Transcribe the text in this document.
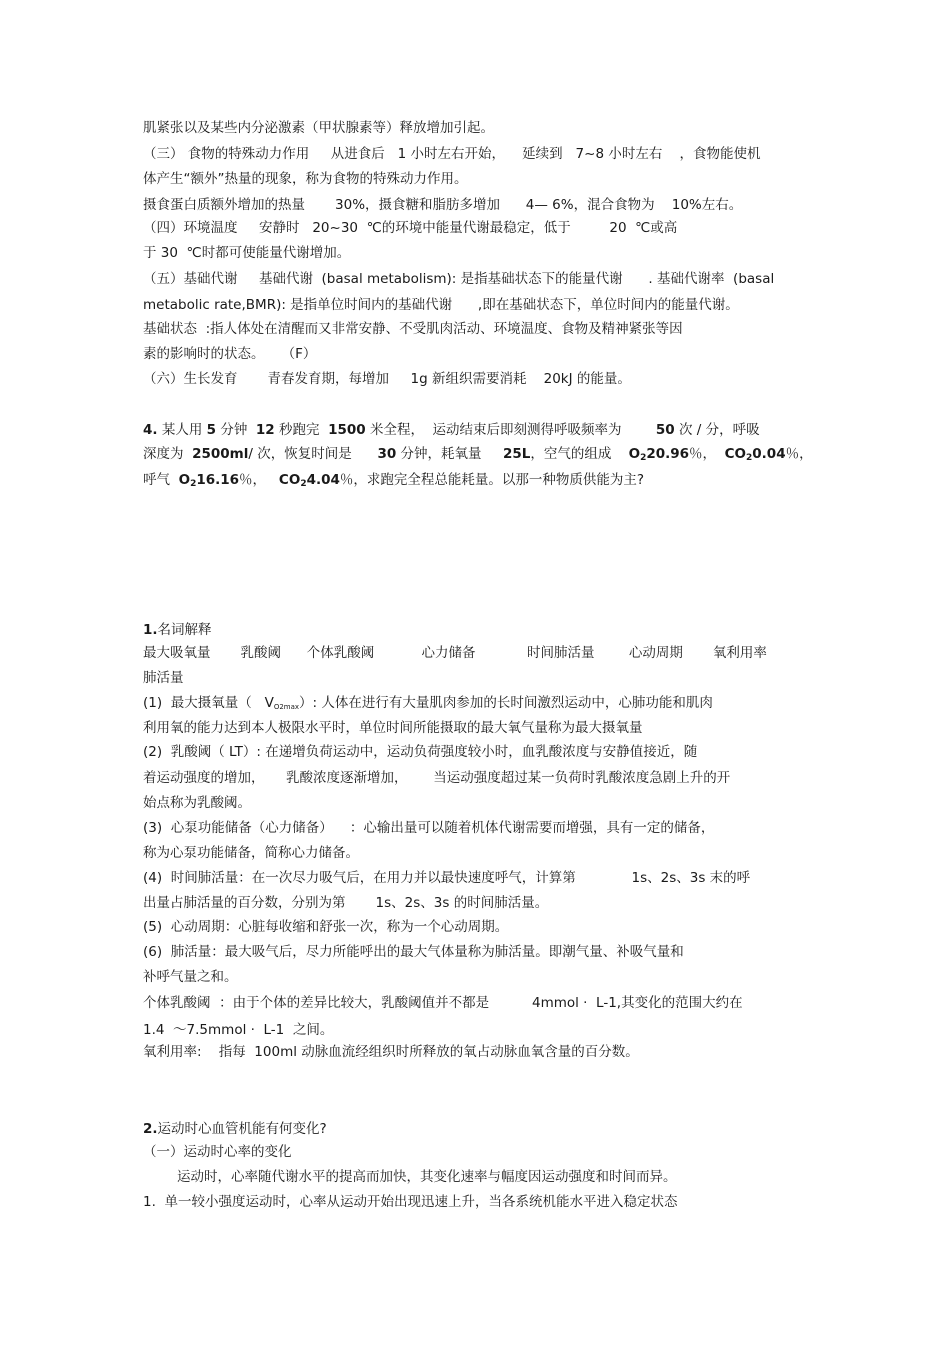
肌紧张以及某些内分泌激素（甲状腺素等）释放增加引起。
（三） 食物的特殊动力作用     从进食后   1 小时左右开始，    延续到   7~8 小时左右    ，食物能使机
体产生“额外”热量的现象，称为食物的特殊动力作用。
摄食蛋白质额外增加的热量       30%，摄食糖和脂肪多增加      4— 6%，混合食物为    10%左右。
（四）环境温度     安静时   20~30  ℃的环境中能量代谢最稳定，低于         20  ℃或高
于 30  ℃时都可使能量代谢增加。
（五）基础代谢     基础代谢  (basal metabolism): 是指基础状态下的能量代谢      . 基础代谢率  (basal
metabolic rate,BMR): 是指单位时间内的基础代谢      ,即在基础状态下，单位时间内的能量代谢。
基础状态  :指人体处在清醒而又非常安静、不受肌肉活动、环境温度、食物及精神紧张等因
素的影响时的状态。    （F）
（六）生长发育       青春发育期，每增加     1g 新组织需要消耗    20kJ 的能量。
4. 某人用 5 分钟  12 秒跑完  1500 米全程，  运动结束后即刻测得呼吸频率为        50 次 / 分，呼吸
深度为  2500ml/ 次，恢复时间是      30 分钟，耗氧量     25L，空气的组成    $O_220.96$％，  $CO_20.04$％，
呼气  $O_216.16$％，   $CO_24.04$％，求跑完全程总能耗量。以那一种物质供能为主?
1.名词解释
最大吸氧量       乳酸阈      个体乳酸阈           心力储备            时间肺活量        心动周期       氧利用率
肺活量
(1)  最大摄氧量（   VO2max）: 人体在进行有大量肌肉参加的长时间激烈运动中，心肺功能和肌肉
利用氧的能力达到本人极限水平时，单位时间所能摄取的最大氧气量称为最大摄氧量
(2)  乳酸阈（ LT）: 在递增负荷运动中，运动负荷强度较小时，血乳酸浓度与安静值接近，随
着运动强度的增加，     乳酸浓度逐渐增加，      当运动强度超过某一负荷时乳酸浓度急剧上升的开
始点称为乳酸阈。
(3)  心泵功能储备（心力储备）    ：心输出量可以随着机体代谢需要而增强，具有一定的储备，
称为心泵功能储备，简称心力储备。
(4)  时间肺活量：在一次尽力吸气后，在用力并以最快速度呼气，计算第             1s、2s、3s 末的呼
出量占肺活量的百分数，分别为第       1s、2s、3s 的时间肺活量。
(5)  心动周期：心脏每收缩和舒张一次，称为一个心动周期。
(6)  肺活量：最大吸气后，尽力所能呼出的最大气体量称为肺活量。即潮气量、补吸气量和
补呼气量之和。
个体乳酸阈  ：由于个体的差异比较大，乳酸阈值并不都是          4mmol ·  L-1,其变化的范围大约在
1.4  ～7.5mmol ·  L-1  之间。
氧利用率:    指每  100ml 动脉血流经组织时所释放的氧占动脉血氧含量的百分数。
2.运动时心血管机能有何变化?
（一）运动时心率的变化
运动时，心率随代谢水平的提高而加快，其变化速率与幅度因运动强度和时间而异。
1.  单一较小强度运动时，心率从运动开始出现迅速上升，当各系统机能水平进入稳定状态
